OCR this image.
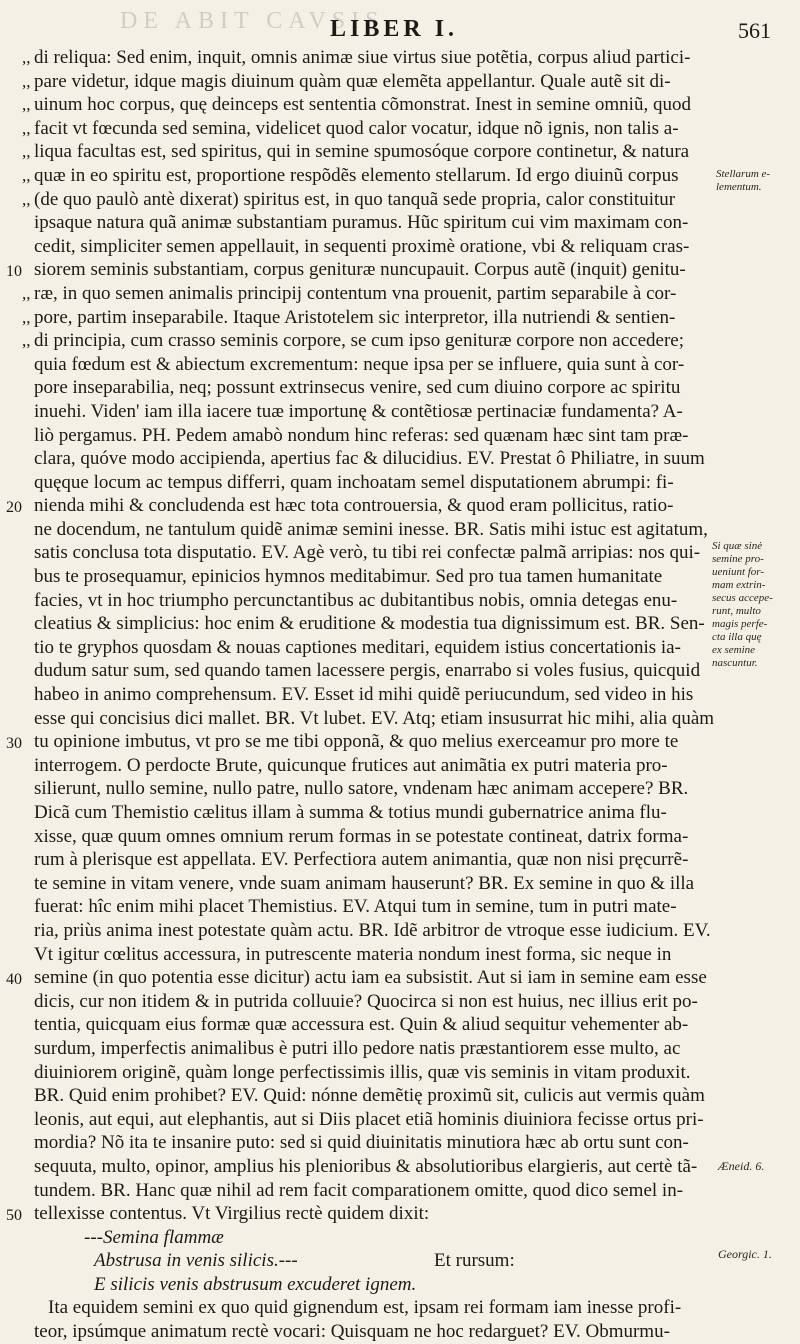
DE ABIT CAVSIS
LIBER I.	561
,, di reliqua: Sed enim, inquit, omnis animæ siue virtus siue potẽtia, corpus aliud partici-
,, pare videtur, idque magis diuinum quàm quæ elemẽta appellantur. Quale autẽ sit di-
,, uinum hoc corpus, quę deinceps est sententia cõmonstrat. Inest in semine omniũ, quod
,, facit vt fœcunda sed semina, videlicet quod calor vocatur, idque nõ ignis, non talis a-
,, liqua facultas est, sed spiritus, qui in semine spumosóque corpore continetur, & natura
,, quæ in eo spiritu est, proportione respõdẽs elemento stellarum. Id ergo diuinũ corpus
,, (de quo paulò antè dixerat) spiritus est, in quo tanquã sede propria, calor constituitur
ipsaque natura quã animæ substantiam puramus. Hũc spiritum cui vim maximam con-
cedit, simpliciter semen appellauit, in sequenti proximè oratione, vbi & reliquam cras-
10 siorem seminis substantiam, corpus genituræ nuncupauit. Corpus autẽ (inquit) genitu-
,, ræ, in quo semen animalis principij contentum vna prouenit, partim separabile à cor-
,, pore, partim inseparabile. Itaque Aristotelem sic interpretor, illa nutriendi & sentien-
,, di principia, cum crasso seminis corpore, se cum ipso genituræ corpore non accedere;
quia fœdum est & abiectum excrementum: neque ipsa per se influere, quia sunt à cor-
pore inseparabilia, neq; possunt extrinsecus venire, sed cum diuino corpore ac spiritu
inuehi. Viden' iam illa iacere tuæ importunę & contẽtiosæ pertinaciæ fundamenta? A-
liò pergamus. PH. Pedem amabò nondum hinc referas: sed quænam hæc sint tam præ-
clara, quóve modo accipienda, apertius fac & dilucidius. EV. Prestat ô Philiatre, in suum
quęque locum ac tempus differri, quam inchoatam semel disputationem abrumpi: fi-
20 nienda mihi & concludenda est hæc tota controuersia, & quod eram pollicitus, ratio-
ne docendum, ne tantulum quidẽ animæ semini inesse. BR. Satis mihi istuc est agitatum,
satis conclusa tota disputatio. EV. Agè verò, tu tibi rei confectæ palmã arripias: nos qui-
bus te prosequamur, epinicios hymnos meditabimur. Sed pro tua tamen humanitate
facies, vt in hoc triumpho percunctantibus ac dubitantibus nobis, omnia detegas enu-
cleatius & simplicius: hoc enim & eruditione & modestia tua dignissimum est. BR. Sen-
tio te gryphos quosdam & nouas captiones meditari, equidem istius concertationis ia-
dudum satur sum, sed quando tamen lacessere pergis, enarrabo si voles fusius, quicquid
habeo in animo comprehensum. EV. Esset id mihi quidẽ periucundum, sed video in his
esse qui concisius dici mallet. BR. Vt lubet. EV. Atq; etiam insusurrat hic mihi, alia quàm
30 tu opinione imbutus, vt pro se me tibi opponã, & quo melius exerceamur pro more te
interrogem. O perdocte Brute, quicunque frutices aut animãtia ex putri materia pro-
silierunt, nullo semine, nullo patre, nullo satore, vndenam hæc animam accepere? BR.
Dicã cum Themistio cælitus illam à summa & totius mundi gubernatrice anima flu-
xisse, quæ quum omnes omnium rerum formas in se potestate contineat, datrix forma-
rum à plerisque est appellata. EV. Perfectiora autem animantia, quæ non nisi pręcurrẽ-
te semine in vitam venere, vnde suam animam hauserunt? BR. Ex semine in quo & illa
fuerat: hîc enim mihi placet Themistius. EV. Atqui tum in semine, tum in putri mate-
ria, priùs anima inest potestate quàm actu. BR. Idẽ arbitror de vtroque esse iudicium. EV.
Vt igitur cœlitus accessura, in putrescente materia nondum inest forma, sic neque in
40 semine (in quo potentia esse dicitur) actu iam ea subsistit. Aut si iam in semine eam esse
dicis, cur non itidem & in putrida colluuie? Quocirca si non est huius, nec illius erit po-
tentia, quicquam eius formæ quæ accessura est. Quin & aliud sequitur vehementer ab-
surdum, imperfectis animalibus è putri illo pedore natis præstantiorem esse multo, ac
diuiniorem originẽ, quàm longe perfectissimis illis, quæ vis seminis in vitam produxit.
BR. Quid enim prohibet? EV. Quid: nónne demẽtię proximũ sit, culicis aut vermis quàm
leonis, aut equi, aut elephantis, aut si Diis placet etiã hominis diuiniora fecisse ortus pri-
mordia? Nõ ita te insanire puto: sed si quid diuinitatis minutiora hæc ab ortu sunt con-
sequuta, multo, opinor, amplius his plenioribus & absolutioribus elargieris, aut certè tã-
tundem. BR. Hanc quæ nihil ad rem facit comparationem omitte, quod dico semel in-
50 tellexisse contentus. Vt Virgilius rectè quidem dixit:
---Semina flammæ
Abstrusa in venis silicis.---	Et rursum:
E silicis venis abstrusum excuderet ignem.
Ita equidem semini ex quo quid gignendum est, ipsam rei formam iam inesse profi-
teor, ipsúmque animatum rectè vocari: Quisquam ne hoc redarguet? EV. Obmurmu-
Stellarum e-
lementum.
Si quæ sinė
semine pro-
ueniunt for-
mam extrin-
secus accepe-
runt, multo
magis perfe-
cta illa quę
ex semine
nascuntur.
Æneid. 6.
Georgic. 1.
